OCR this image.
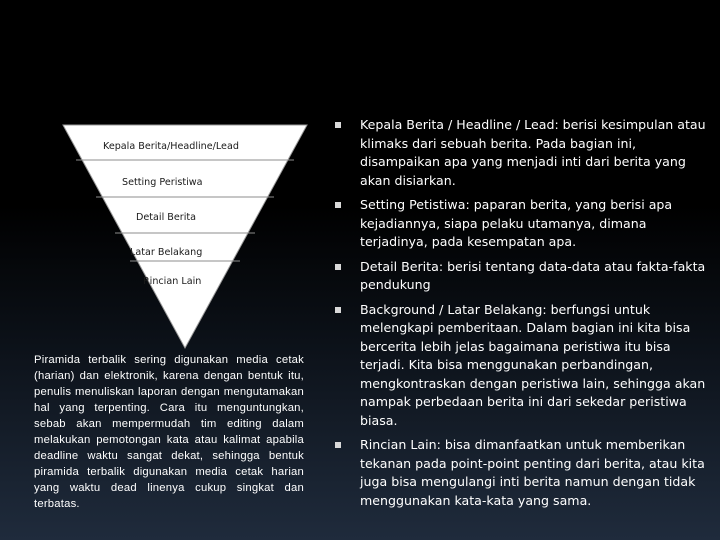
Kepala Berita/Headline/Lead
Setting Peristiwa
Detail Berita
Latar Belakang
Rincian Lain
Piramida terbalik sering digunakan media cetak (harian) dan elektronik, karena dengan bentuk itu, penulis menuliskan laporan dengan mengutamakan hal yang terpenting. Cara itu menguntungkan, sebab akan mempermudah tim editing dalam melakukan pemotongan kata atau kalimat apabila deadline waktu sangat dekat, sehingga bentuk piramida terbalik digunakan media cetak harian yang waktu dead linenya cukup singkat dan terbatas.
Kepala Berita / Headline / Lead: berisi kesimpulan atau klimaks dari sebuah berita. Pada bagian ini, disampaikan apa yang menjadi inti dari berita yang akan disiarkan.
Setting Petistiwa: paparan berita, yang berisi apa kejadiannya, siapa pelaku utamanya, dimana terjadinya, pada kesempatan apa.
Detail Berita: berisi tentang data-data atau fakta-fakta pendukung
Background / Latar Belakang: berfungsi untuk melengkapi pemberitaan. Dalam bagian ini kita bisa bercerita lebih jelas bagaimana peristiwa itu bisa terjadi. Kita bisa menggunakan perbandingan, mengkontraskan dengan peristiwa lain, sehingga akan nampak perbedaan berita ini dari sekedar peristiwa biasa.
Rincian Lain: bisa dimanfaatkan untuk memberikan tekanan pada point-point penting dari berita, atau kita juga bisa mengulangi inti berita namun dengan tidak menggunakan kata-kata yang sama.
